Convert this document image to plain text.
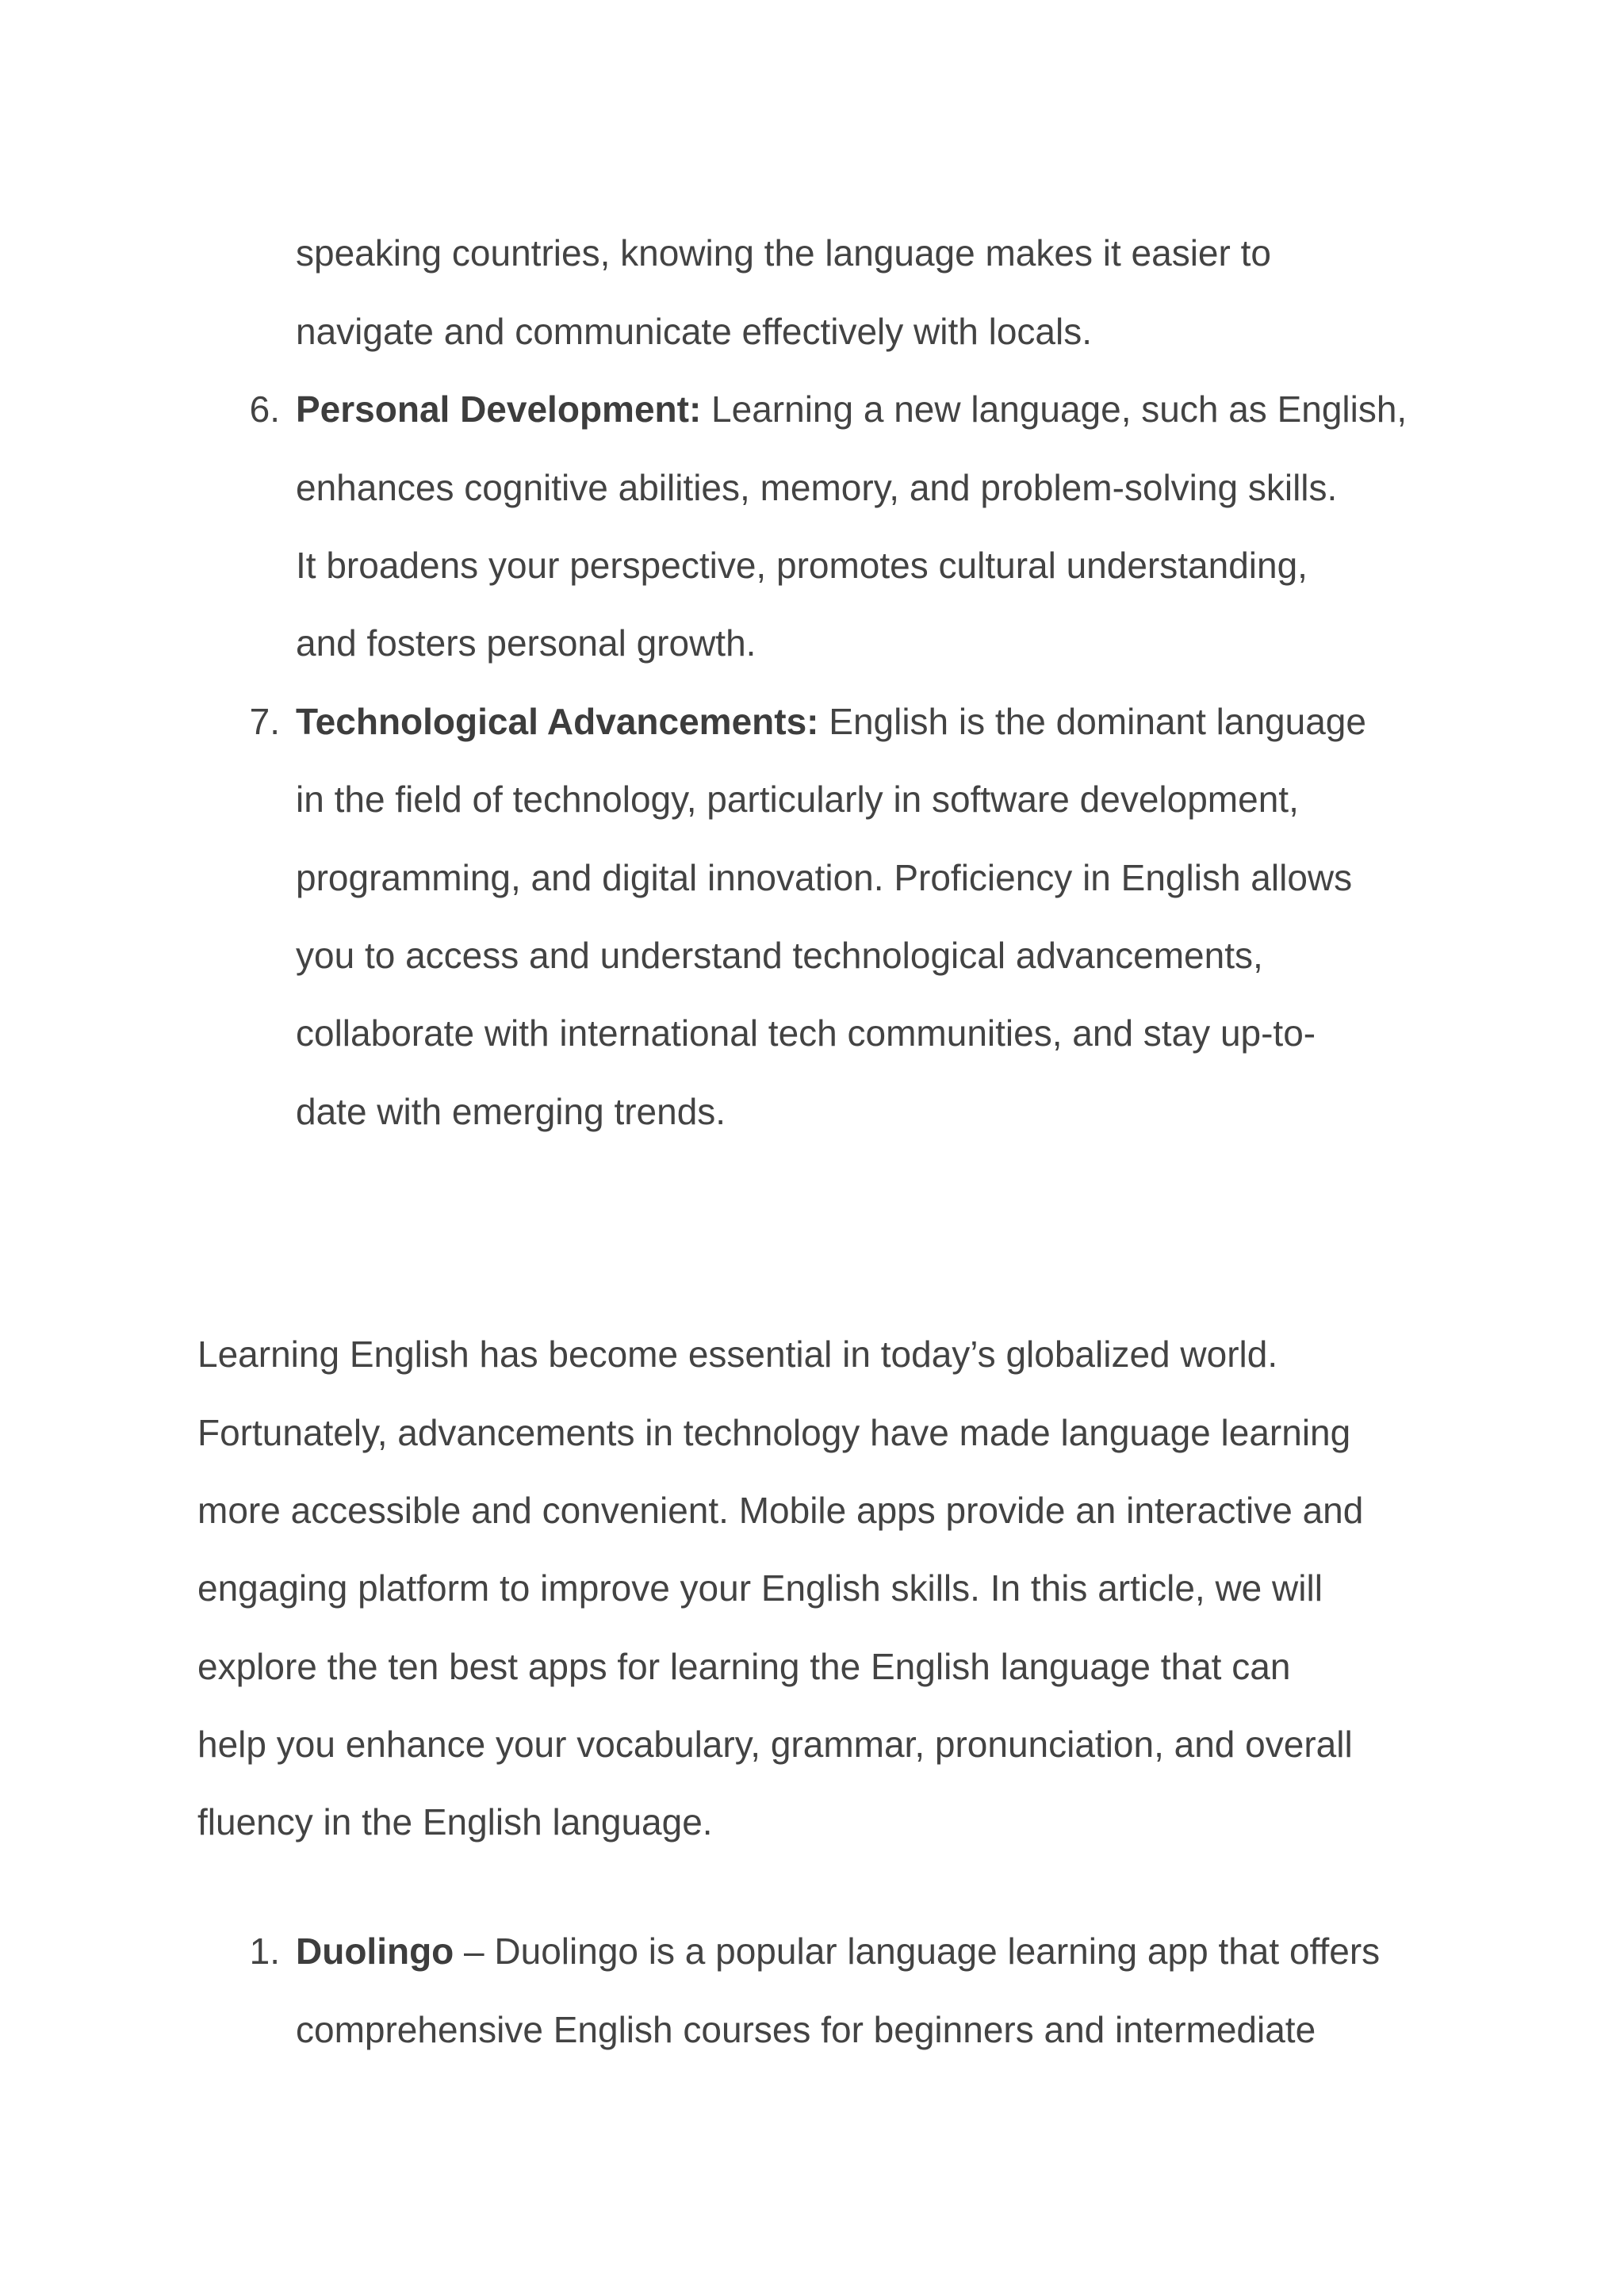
speaking countries, knowing the language makes it easier to

navigate and communicate effectively with locals.

6. Personal Development: Learning a new language, such as English,

enhances cognitive abilities, memory, and problem-solving skills.

It broadens your perspective, promotes cultural understanding,

and fosters personal growth.

7. Technological Advancements: English is the dominant language

in the field of technology, particularly in software development,

programming, and digital innovation. Proficiency in English allows

you to access and understand technological advancements,

collaborate with international tech communities, and stay up-to-

date with emerging trends.

Learning English has become essential in today’s globalized world.

Fortunately, advancements in technology have made language learning

more accessible and convenient. Mobile apps provide an interactive and

engaging platform to improve your English skills. In this article, we will

explore the ten best apps for learning the English language that can

help you enhance your vocabulary, grammar, pronunciation, and overall

fluency in the English language.

1. Duolingo – Duolingo is a popular language learning app that offers

comprehensive English courses for beginners and intermediate
